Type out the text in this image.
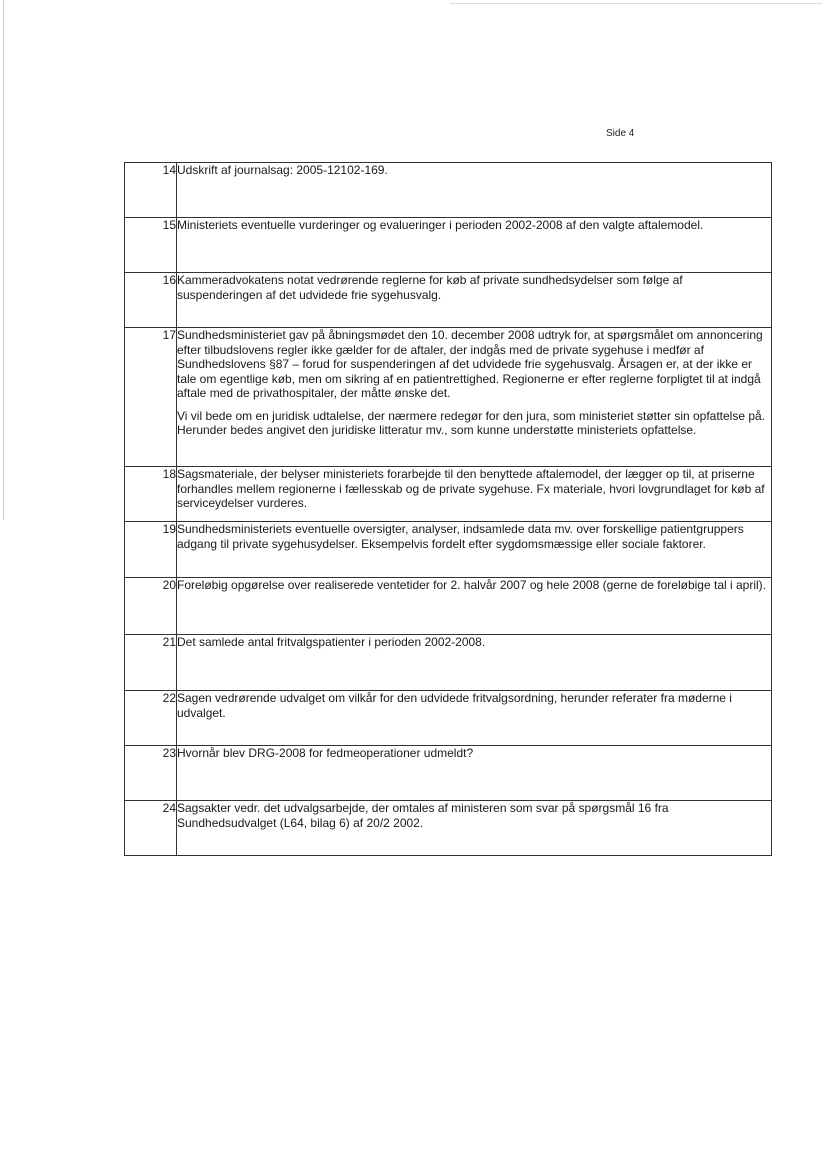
Side 4
14	Udskrift af journalsag: 2005-12102-169.

15	Ministeriets eventuelle vurderinger og evalueringer i perioden 2002-2008 af den valgte aftalemodel.

16	Kammeradvokatens notat vedrørende reglerne for køb af private sundhedsydelser som følge af suspenderingen af det udvidede frie sygehusvalg.

17	Sundhedsministeriet gav på åbningsmødet den 10. december 2008 udtryk for, at spørgsmålet om annoncering efter tilbudslovens regler ikke gælder for de aftaler, der indgås med de private sygehuse i medfør af Sundhedslovens §87 – forud for suspenderingen af det udvidede frie sygehusvalg. Årsagen er, at der ikke er tale om egentlige køb, men om sikring af en patientrettighed. Regionerne er efter reglerne forpligtet til at indgå aftale med de privathospitaler, der måtte ønske det.

Vi vil bede om en juridisk udtalelse, der nærmere redegør for den jura, som ministeriet støtter sin opfattelse på. Herunder bedes angivet den juridiske litteratur mv., som kunne understøtte ministeriets opfattelse.

18	Sagsmateriale, der belyser ministeriets forarbejde til den benyttede aftalemodel, der lægger op til, at priserne forhandles mellem regionerne i fællesskab og de private sygehuse. Fx materiale, hvori lovgrundlaget for køb af serviceydelser vurderes.

19	Sundhedsministeriets eventuelle oversigter, analyser, indsamlede data mv. over forskellige patientgruppers adgang til private sygehusydelser. Eksempelvis fordelt efter sygdomsmæssige eller sociale faktorer.

20	Foreløbig opgørelse over realiserede ventetider for 2. halvår 2007 og hele 2008 (gerne de foreløbige tal i april).

21	Det samlede antal fritvalgspatienter i perioden 2002-2008.

22	Sagen vedrørende udvalget om vilkår for den udvidede fritvalgsordning, herunder referater fra møderne i udvalget.

23	Hvornår blev DRG-2008 for fedmeoperationer udmeldt?

24	Sagsakter vedr. det udvalgsarbejde, der omtales af ministeren som svar på spørgsmål 16 fra Sundhedsudvalget (L64, bilag 6) af 20/2 2002.
